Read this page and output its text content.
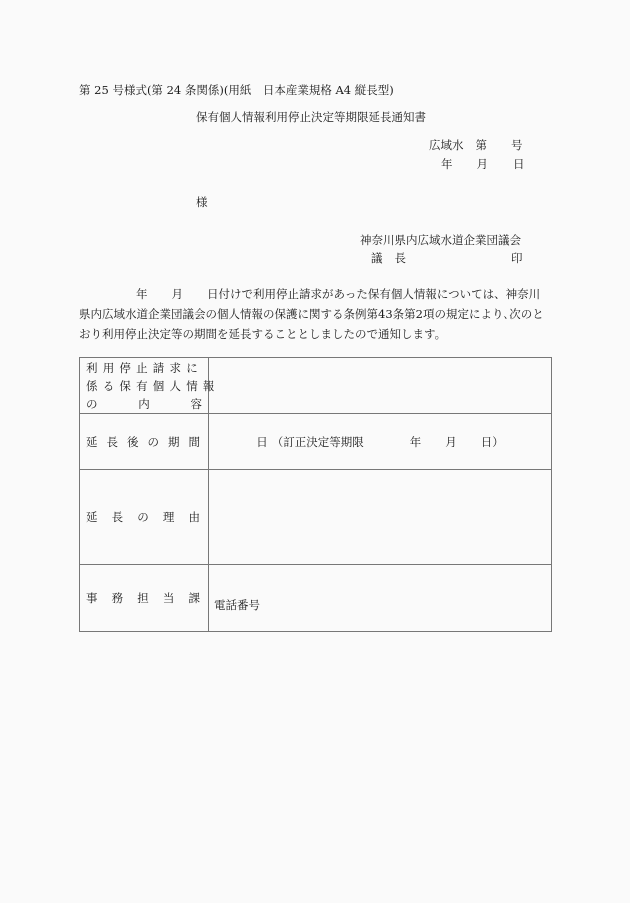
第 25 号様式(第 24 条関係)(用紙　日本産業規格 A4 縦長型)
保有個人情報利用停止決定等期限延長通知書
広域水 第 号
年 月 日
様
神奈川県内広域水道企業団議会
議 長	印
年 月 日付けで利用停止請求があった保有個人情報については、神奈川
県内広域水道企業団議会の個人情報の保護に関する条例第43条第2項の規定により､次のと
おり利用停止決定等の期間を延長することとしましたので通知します。
利用停止請求に
係る保有個人情報
の 内 容	

延 長 後 の 期 間	日 （訂正決定等期限	年 月 日）

延 長 の 理 由	

事 務 担 当 課	電話番号
